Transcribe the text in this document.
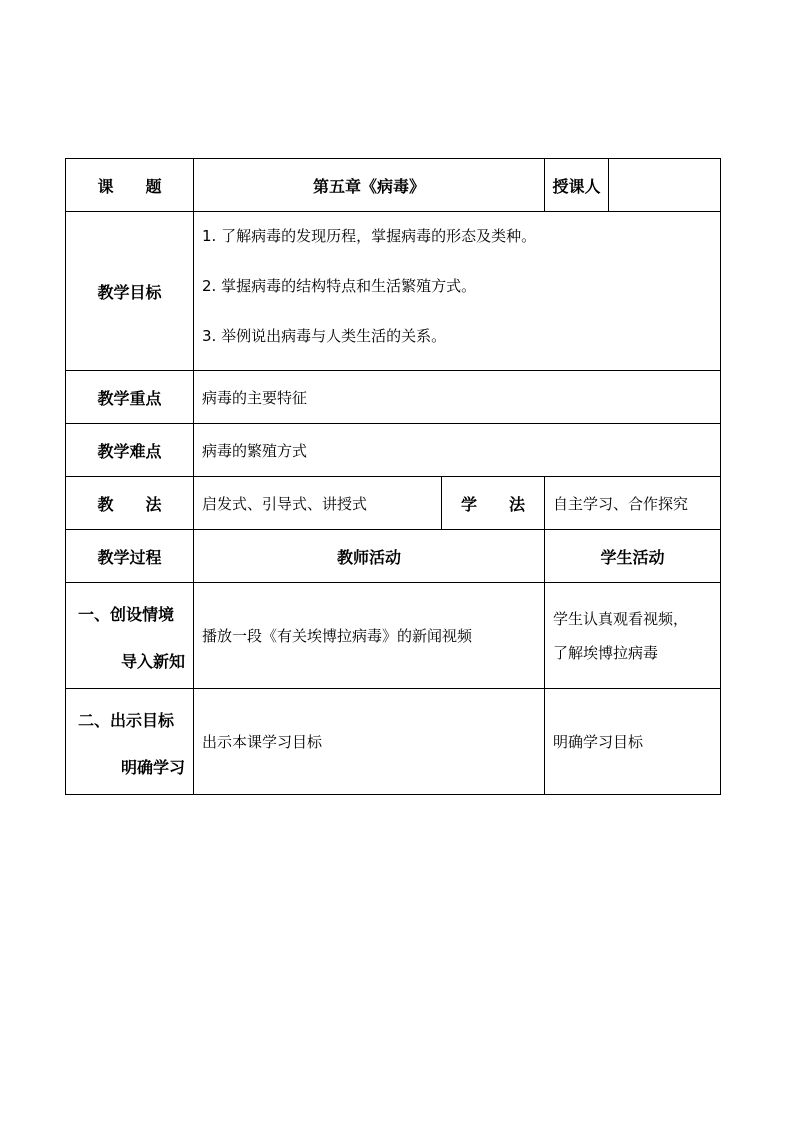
课　　题	第五章《病毒》		授课人	
教学目标	1. 了解病毒的发现历程，掌握病毒的形态及类种。

2. 掌握病毒的结构特点和生活繁殖方式。

3. 举例说出病毒与人类生活的关系。			

教学重点	病毒的主要特征			
教学难点	病毒的繁殖方式			
教　　法	启发式、引导式、讲授式	学　　法	自主学习、合作探究	
教学过程	教师活动		学生活动	

一、创设情境
导入新知	播放一段《有关埃博拉病毒》的新闻视频		学生认真观看视频，
了解埃博拉病毒	

二、出示目标
明确学习	出示本课学习目标		明确学习目标	
